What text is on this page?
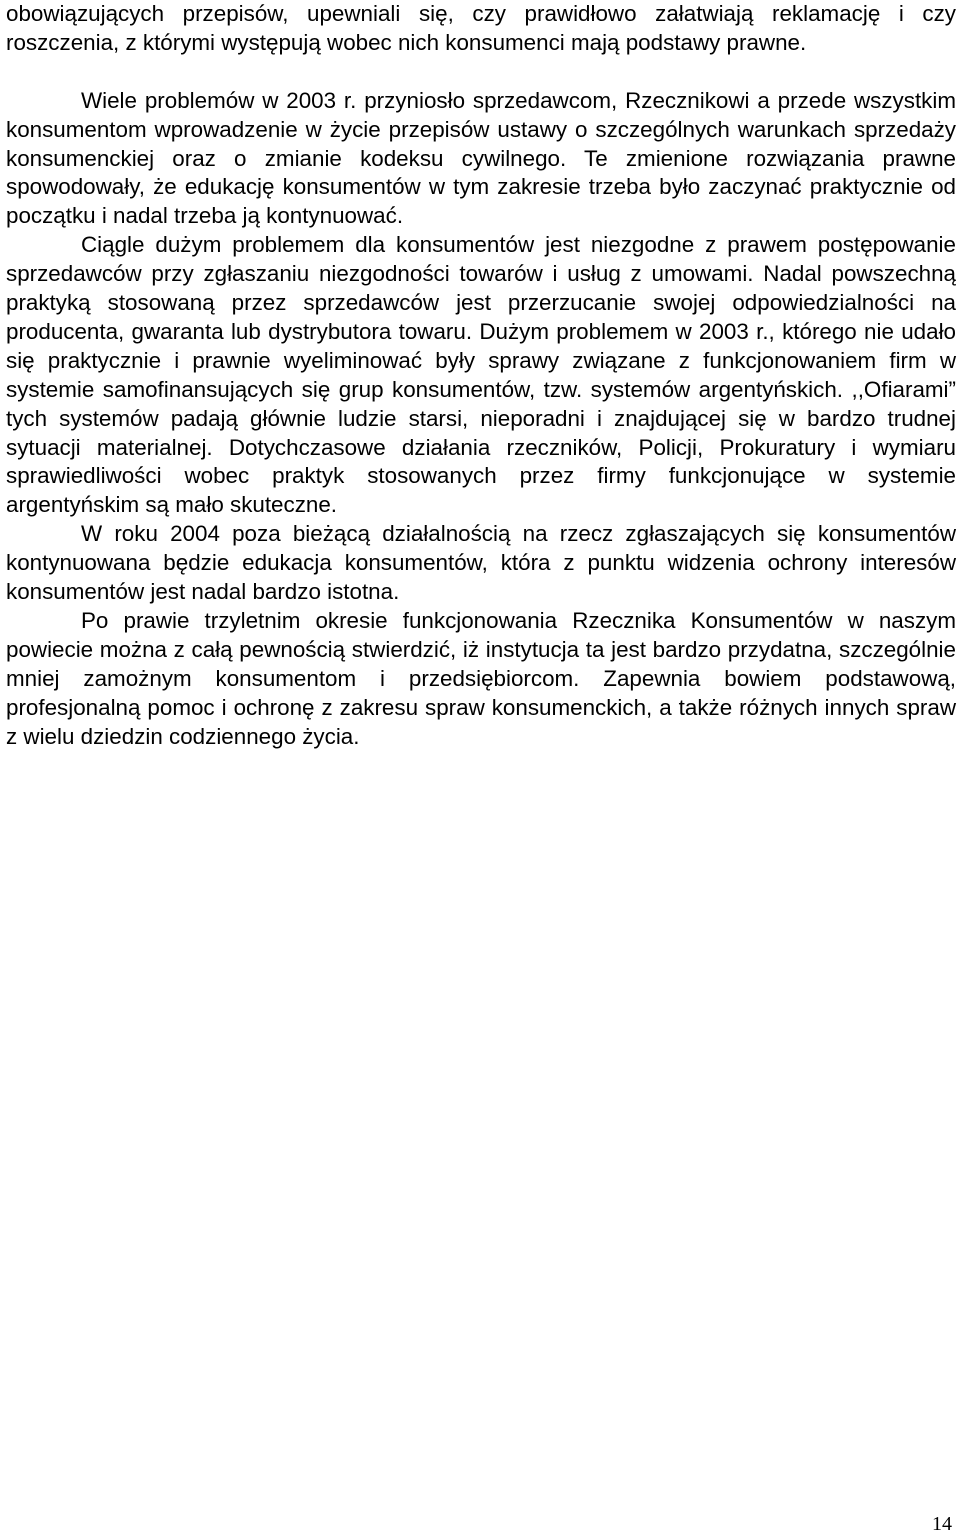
obowiązujących przepisów, upewniali się, czy prawidłowo załatwiają reklamację i czy roszczenia, z którymi występują wobec nich konsumenci mają podstawy prawne.

Wiele problemów w 2003 r. przyniosło sprzedawcom, Rzecznikowi a przede wszystkim konsumentom wprowadzenie w życie przepisów ustawy o szczególnych warunkach sprzedaży konsumenckiej oraz o zmianie kodeksu cywilnego. Te zmienione rozwiązania prawne spowodowały, że edukację konsumentów w tym zakresie trzeba było zaczynać praktycznie od początku i nadal trzeba ją kontynuować.

Ciągle dużym problemem dla konsumentów jest niezgodne z prawem postępowanie sprzedawców przy zgłaszaniu niezgodności towarów i usług z umowami. Nadal powszechną praktyką stosowaną przez sprzedawców jest przerzucanie swojej odpowiedzialności na producenta, gwaranta lub dystrybutora towaru. Dużym problemem w 2003 r., którego nie udało się praktycznie i prawnie wyeliminować były sprawy związane z funkcjonowaniem firm w systemie samofinansujących się grup konsumentów, tzw. systemów argentyńskich. ,,Ofiarami” tych systemów padają głównie ludzie starsi, nieporadni i znajdującej się w bardzo trudnej sytuacji materialnej. Dotychczasowe działania rzeczników, Policji, Prokuratury i wymiaru sprawiedliwości wobec praktyk stosowanych przez firmy funkcjonujące w systemie argentyńskim są mało skuteczne.

W roku 2004 poza bieżącą działalnością na rzecz zgłaszających się konsumentów kontynuowana będzie edukacja konsumentów, która z punktu widzenia ochrony interesów konsumentów jest nadal bardzo istotna.

Po prawie trzyletnim okresie funkcjonowania Rzecznika Konsumentów w naszym powiecie można z całą pewnością stwierdzić, iż instytucja ta jest bardzo przydatna, szczególnie mniej zamożnym konsumentom i przedsiębiorcom. Zapewnia bowiem podstawową, profesjonalną pomoc i ochronę z zakresu spraw konsumenckich, a także różnych innych spraw z wielu dziedzin codziennego życia.

14
